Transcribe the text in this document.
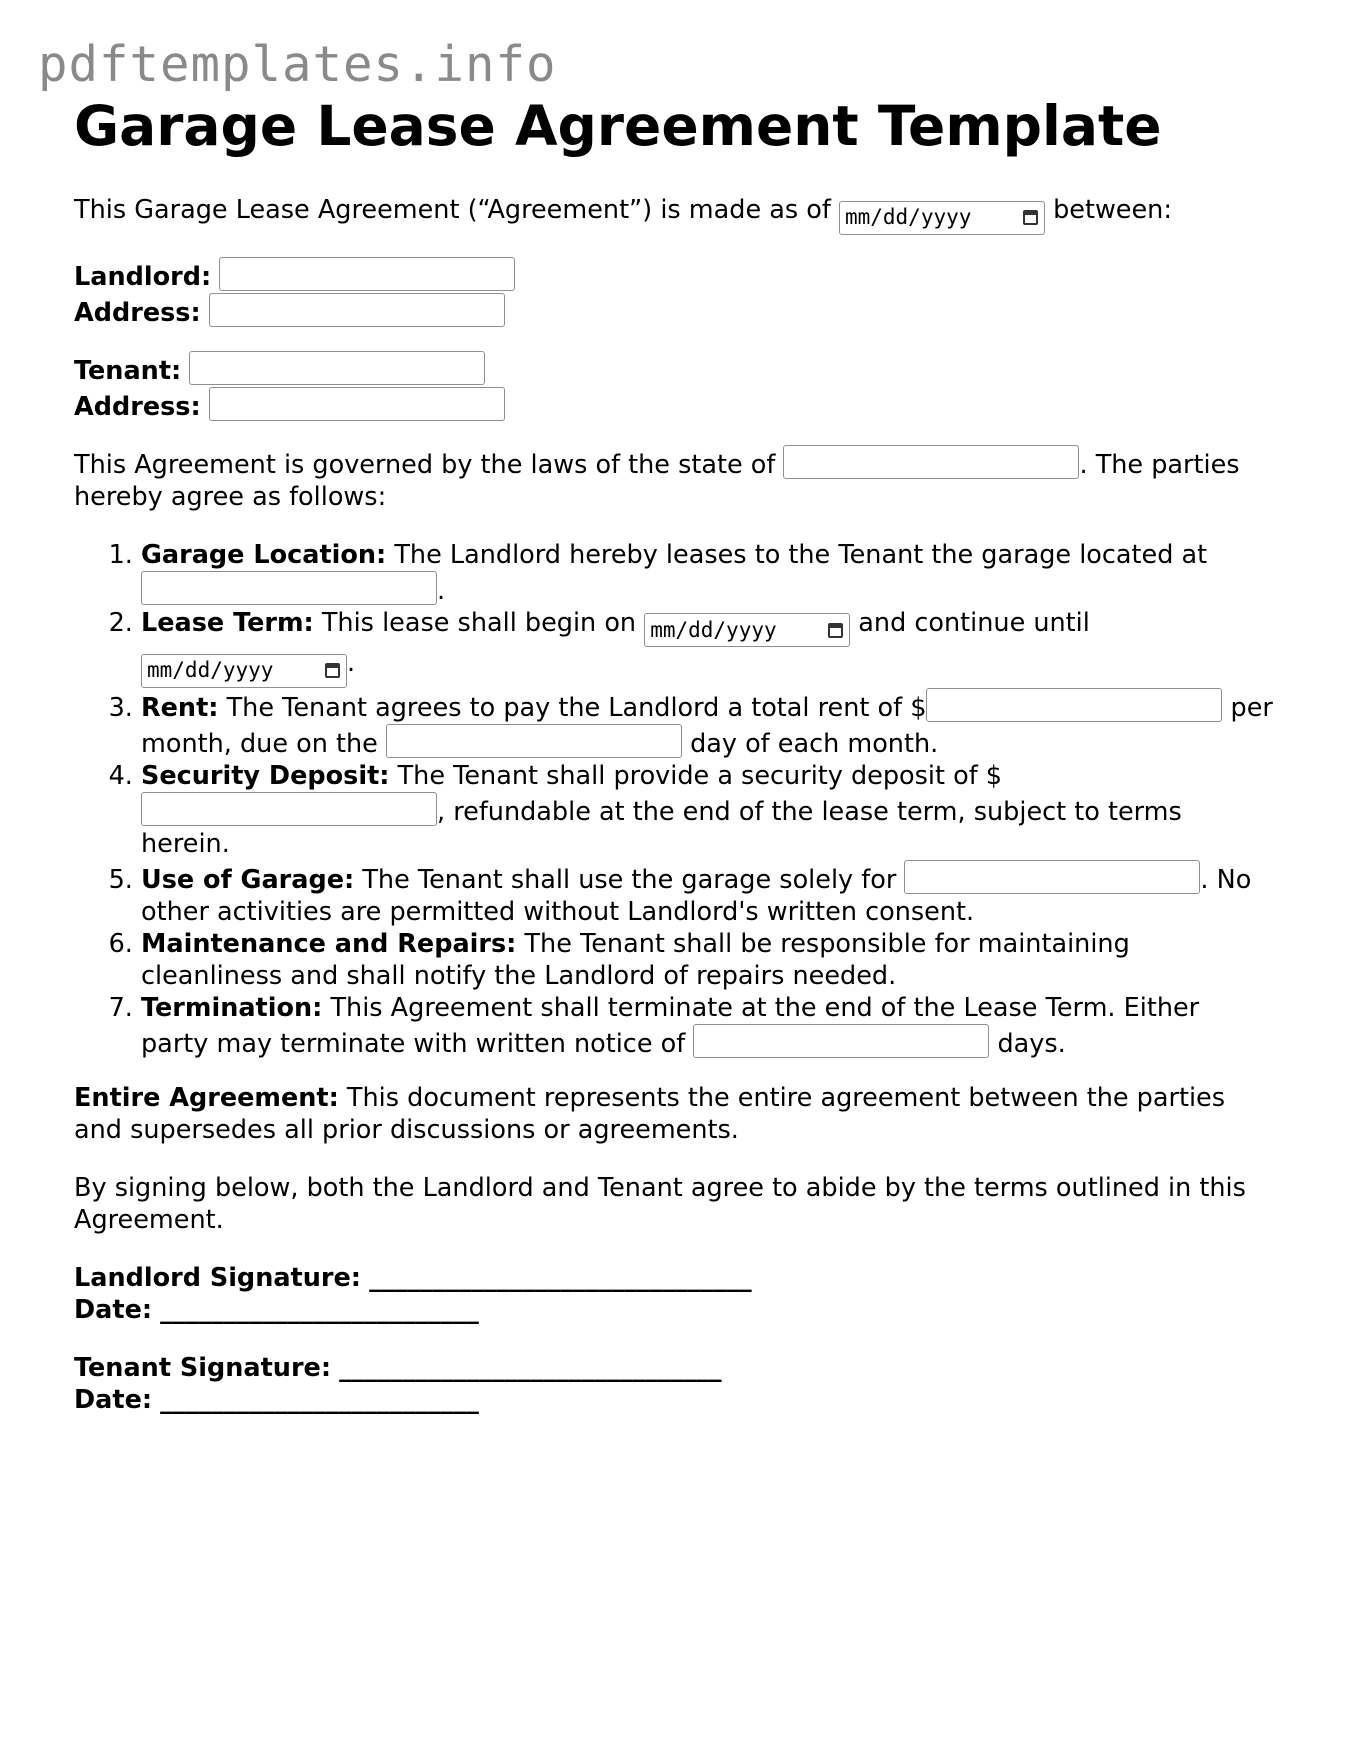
pdftemplates.info
Garage Lease Agreement Template

This Garage Lease Agreement (“Agreement”) is made as of mm/dd/yyyy	between:

Landlord:
Address:

Tenant:
Address:

This Agreement is governed by the laws of the state of	. The parties hereby agree as follows:

1. Garage Location: The Landlord hereby leases to the Tenant the garage located at .
2. Lease Term: This lease shall begin on mm/dd/yyyy	and continue until
mm/dd/yyyy	.
3. Rent: The Tenant agrees to pay the Landlord a total rent of $	per month, due on the	day of each month.
4. Security Deposit: The Tenant shall provide a security deposit of $ , refundable at the end of the lease term, subject to terms herein.
5. Use of Garage: The Tenant shall use the garage solely for	. No other activities are permitted without Landlord's written consent.
6. Maintenance and Repairs: The Tenant shall be responsible for maintaining cleanliness and shall notify the Landlord of repairs needed.
7. Termination: This Agreement shall terminate at the end of the Lease Term. Either party may terminate with written notice of	days.

Entire Agreement: This document represents the entire agreement between the parties and supersedes all prior discussions or agreements.

By signing below, both the Landlord and Tenant agree to abide by the terms outlined in this Agreement.

Landlord Signature: ______________________________
Date: _________________________

Tenant Signature: ______________________________
Date: _________________________
